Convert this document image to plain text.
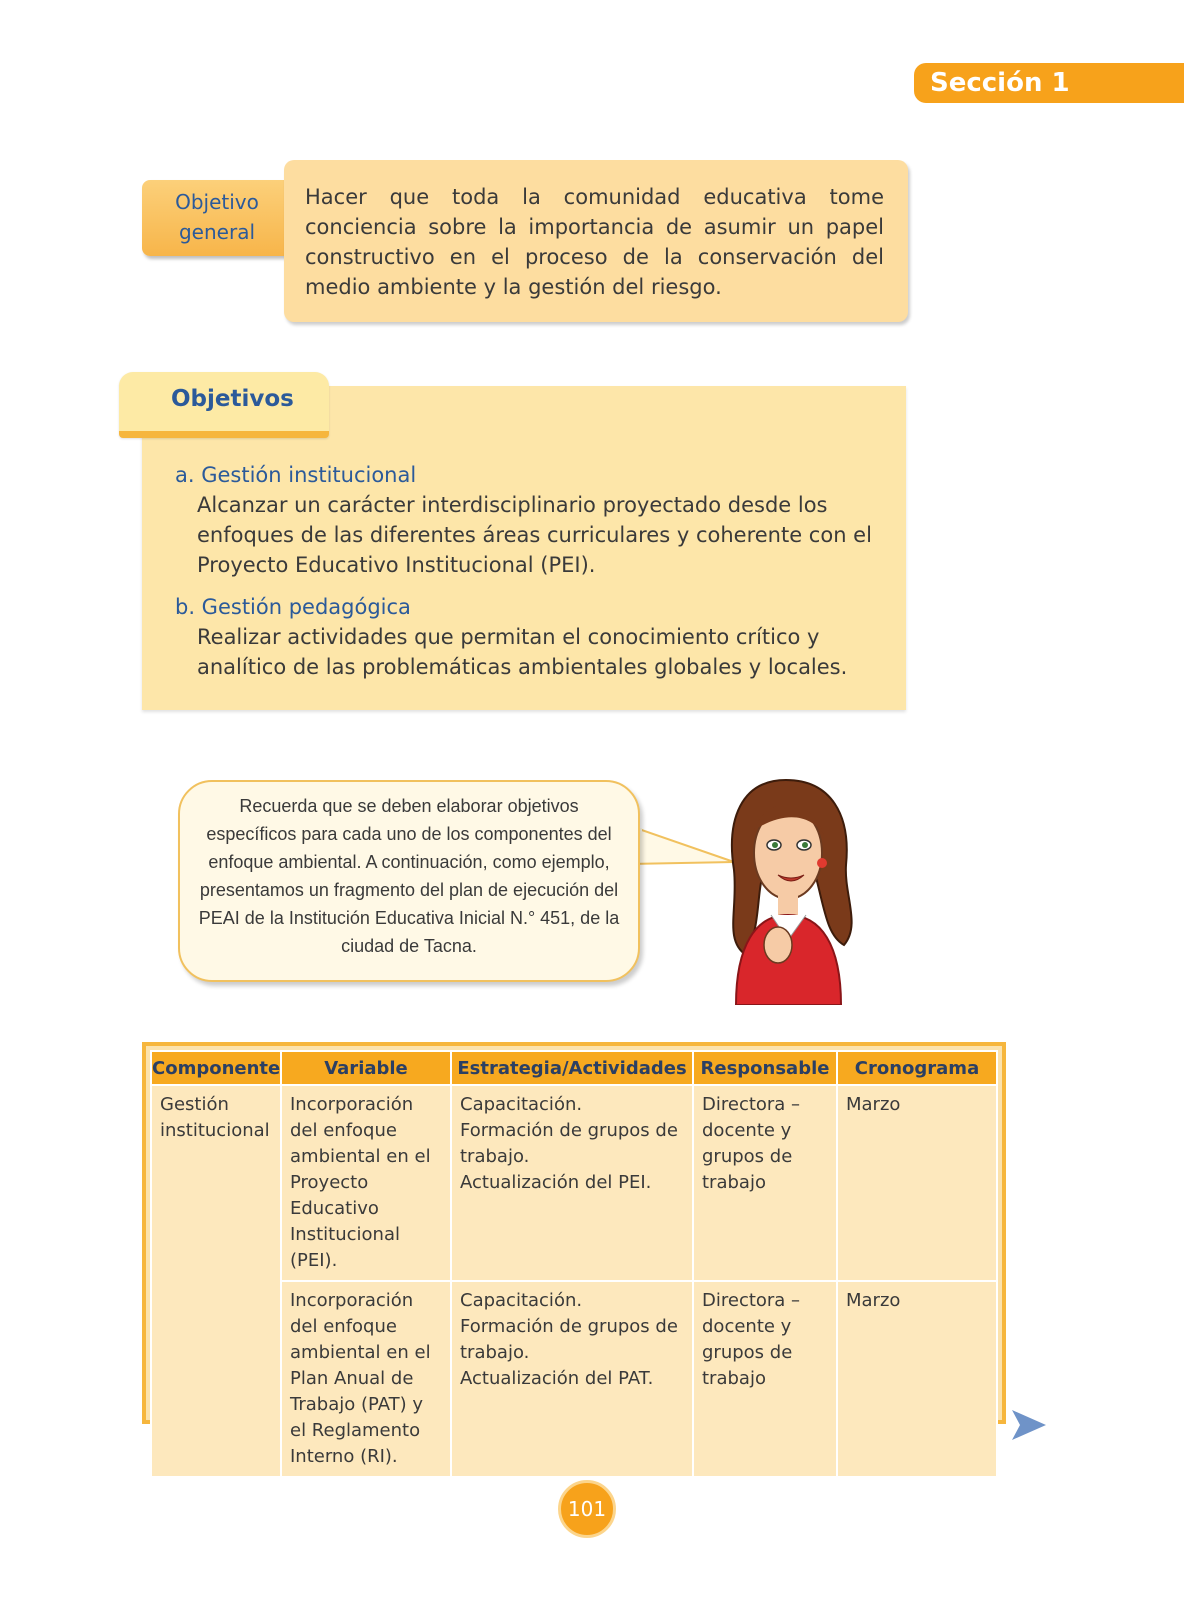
Sección 1
Objetivo general
Hacer que toda la comunidad educativa tome conciencia sobre la importancia de asumir un papel constructivo en el proceso de la conservación del medio ambiente y la gestión del riesgo.
Objetivos
a. Gestión institucional
Alcanzar un carácter interdisciplinario proyectado desde los enfoques de las diferentes áreas curriculares y coherente con el Proyecto Educativo Institucional (PEI).
b. Gestión pedagógica
Realizar actividades que permitan el conocimiento crítico y analítico de las problemáticas ambientales globales y locales.
Recuerda que se deben elaborar objetivos específicos para cada uno de los componentes del enfoque ambiental. A continuación, como ejemplo, presentamos un fragmento del plan de ejecución del PEAI de la Institución Educativa Inicial N.° 451, de la ciudad de Tacna.
Componente	Variable	Estrategia/Actividades	Responsable	Cronograma
Gestión institucional	Incorporación del enfoque ambiental en el Proyecto Educativo Institucional (PEI).	Capacitación.
Formación de grupos de trabajo.
Actualización del PEI.	Directora – docente y grupos de trabajo	Marzo
	Incorporación del enfoque ambiental en el Plan Anual de Trabajo (PAT) y el Reglamento Interno (RI).	Capacitación.
Formación de grupos de trabajo.
Actualización del PAT.	Directora – docente y grupos de trabajo	Marzo
101
